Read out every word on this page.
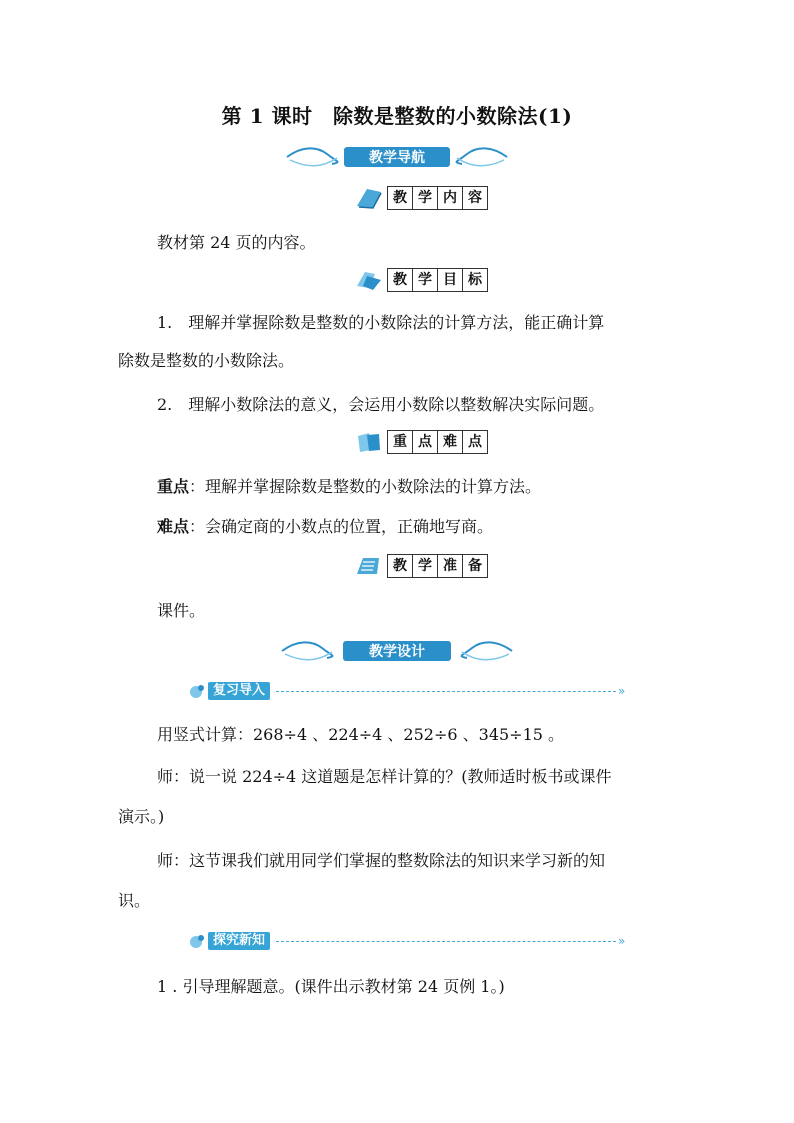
第 1 课时　除数是整数的小数除法(1)
教学导航
教 学 内 容
教材第 24 页的内容。
教 学 目 标
1.　理解并掌握除数是整数的小数除法的计算方法，能正确计算
除数是整数的小数除法。
2.　理解小数除法的意义，会运用小数除以整数解决实际问题。
重 点 难 点
重点：理解并掌握除数是整数的小数除法的计算方法。
难点：会确定商的小数点的位置，正确地写商。
教 学 准 备
课件。
教学设计
复习导入	»
用竖式计算：268÷4 、224÷4 、252÷6 、345÷15 。
师：说一说 224÷4 这道题是怎样计算的？(教师适时板书或课件
演示。)
师：这节课我们就用同学们掌握的整数除法的知识来学习新的知
识。
探究新知	»
1 . 引导理解题意。(课件出示教材第 24 页例 1。)
